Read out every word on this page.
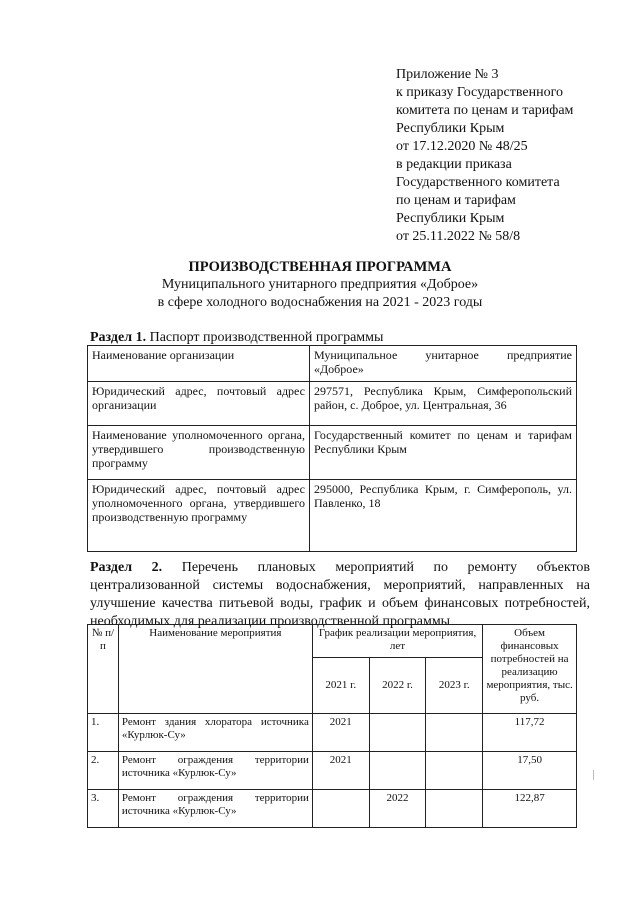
Приложение № 3
к приказу Государственного
комитета по ценам и тарифам
Республики Крым
от 17.12.2020 № 48/25
в редакции приказа
Государственного комитета
по ценам и тарифам
Республики Крым
от 25.11.2022 № 58/8
ПРОИЗВОДСТВЕННАЯ ПРОГРАММА
Муниципального унитарного предприятия «Доброе»
в сфере холодного водоснабжения на 2021 - 2023 годы
Раздел 1. Паспорт производственной программы
Наименование организации	Муниципальное унитарное предприятие «Доброе»
Юридический адрес, почтовый адрес организации	297571, Республика Крым, Симферопольский район, с. Доброе, ул. Центральная, 36
Наименование уполномоченного органа, утвердившего производственную программу	Государственный комитет по ценам и тарифам Республики Крым
Юридический адрес, почтовый адрес уполномоченного органа, утвердившего производственную программу	295000, Республика Крым, г. Симферополь, ул. Павленко, 18
Раздел 2. Перечень плановых мероприятий по ремонту объектов централизованной системы водоснабжения, мероприятий, направленных на улучшение качества питьевой воды, график и объем финансовых потребностей, необходимых для реализации производственной программы
№ п/п	Наименование мероприятия	График реализации мероприятия, лет			Объем финансовых потребностей на реализацию мероприятия, тыс. руб.
		2021 г.	2022 г.	2023 г.	
1.	Ремонт здания хлоратора источника «Курлюк-Су»	2021			117,72
2.	Ремонт ограждения территории источника «Курлюк-Су»	2021			17,50
3.	Ремонт ограждения территории источника «Курлюк-Су»		2022		122,87
